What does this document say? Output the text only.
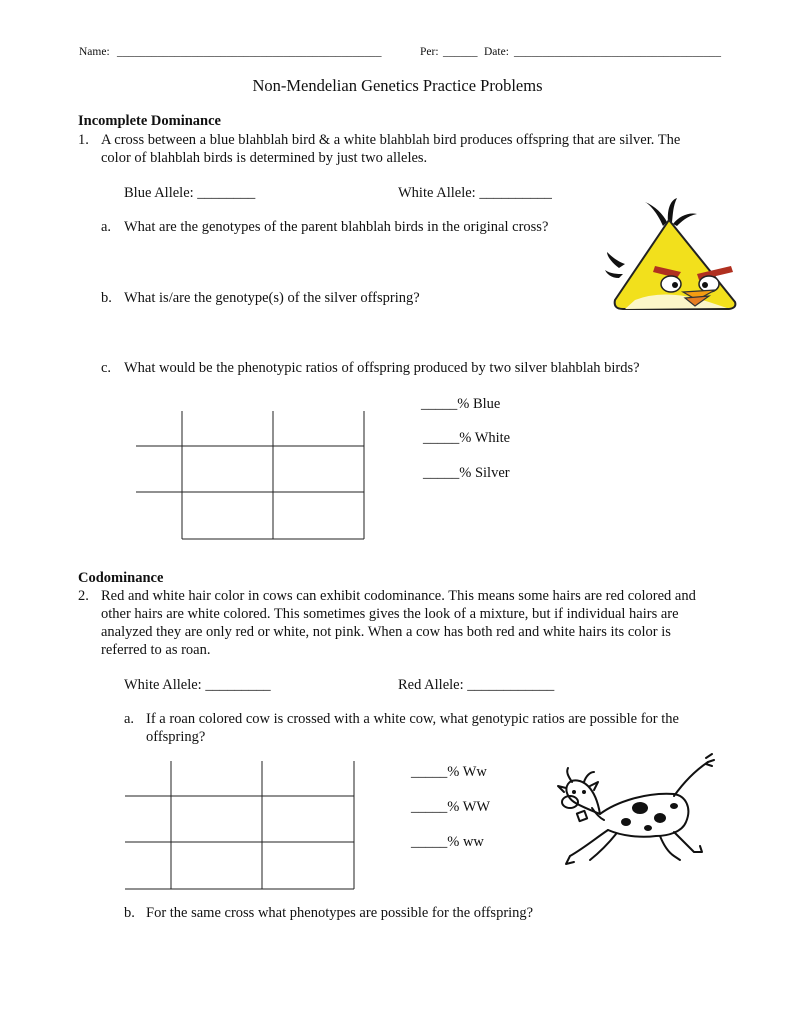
Name: ______________________________________________	Per: ______ Date: ____________________________________
Non-Mendelian Genetics Practice Problems
Incomplete Dominance
1. A cross between a blue blahblah bird & a white blahblah bird produces offspring that are silver. The
color of blahblah birds is determined by just two alleles.
Blue Allele: ________	White Allele: __________
a. What are the genotypes of the parent blahblah birds in the original cross?
b. What is/are the genotype(s) of the silver offspring?
c. What would be the phenotypic ratios of offspring produced by two silver blahblah birds?
_____% Blue
_____% White
_____% Silver
Codominance
2. Red and white hair color in cows can exhibit codominance. This means some hairs are red colored and
other hairs are white colored. This sometimes gives the look of a mixture, but if individual hairs are
analyzed they are only red or white, not pink. When a cow has both red and white hairs its color is
referred to as roan.
White Allele: _________	Red Allele: ____________
a. If a roan colored cow is crossed with a white cow, what genotypic ratios are possible for the
offspring?
_____% Ww
_____% WW
_____% ww
b. For the same cross what phenotypes are possible for the offspring?
